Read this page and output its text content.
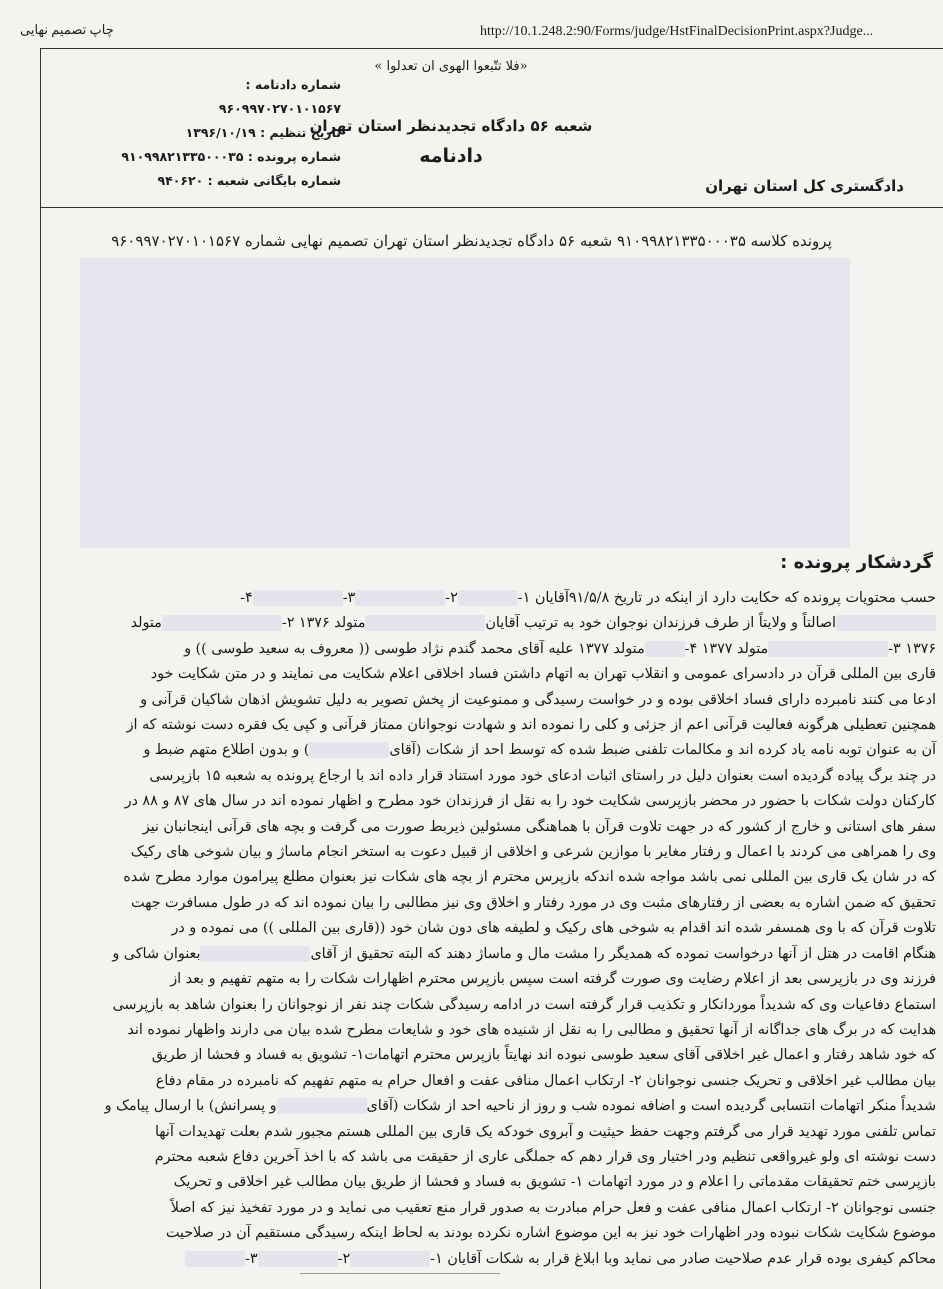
چاپ تصمیم نهایی	http://10.1.248.2:90/Forms/judge/HstFinalDecisionPrint.aspx?Judge...
«فلا تتّبعوا الهوی ان تعدلوا »
شعبه ۵۶ دادگاه تجدیدنظر استان تهران
دادنامه
دادگستری کل استان تهران
شماره دادنامه : ۹۶۰۹۹۷۰۲۷۰۱۰۱۵۶۷
تاریخ تنظیم : ۱۳۹۶/۱۰/۱۹
شماره پرونده : ۹۱۰۹۹۸۲۱۳۳۵۰۰۰۳۵
شماره بایگانی شعبه : ۹۴۰۶۲۰
پرونده کلاسه ۹۱۰۹۹۸۲۱۳۳۵۰۰۰۳۵ شعبه ۵۶ دادگاه تجدیدنظر استان تهران تصمیم نهایی شماره ۹۶۰۹۹۷۰۲۷۰۱۰۱۵۶۷
گردشکار پرونده :

حسب محتویات پرونده که حکایت دارد از اینکه در تاریخ ۹۱/۵/۸آقایان ۱-۲-۳-۴-

اصالتاً و ولایتاً از طرف فرزندان نوجوان خود به ترتیب آقایانمتولد ۱۳۷۶ ۲-متولد

۱۳۷۶ ۳-متولد ۱۳۷۷ ۴-متولد ۱۳۷۷ علیه آقای محمد گندم نژاد طوسی (( معروف به سعید طوسی )) و

قاری بین المللی قرآن در دادسرای عمومی و انقلاب تهران به اتهام داشتن فساد اخلاقی اعلام شکایت می نمایند و در متن شکایت خود

ادعا می کنند نامبرده دارای فساد اخلاقی بوده و در خواست رسیدگی و ممنوعیت از پخش تصویر به دلیل تشویش اذهان شاکیان قرآنی و

همچنین تعطیلی هرگونه فعالیت قرآنی اعم از جزئی و کلی را نموده اند و شهادت نوجوانان ممتاز قرآنی و کپی یک فقره دست نوشته که از

آن به عنوان توبه نامه یاد کرده اند و مکالمات تلفنی ضبط شده که توسط احد از شکات (آقای) و بدون اطلاع متهم ضبط و

در چند برگ پیاده گردیده است بعنوان دلیل در راستای اثبات ادعای خود مورد استناد قرار داده اند با ارجاع پرونده به شعبه ۱۵ بازپرسی

کارکنان دولت شکات با حضور در محضر بازپرسی شکایت خود را به نقل از فرزندان خود مطرح و اظهار نموده اند در سال های ۸۷ و ۸۸ در

سفر های استانی و خارج از کشور که در جهت تلاوت قرآن با هماهنگی مسئولین ذیربط صورت می گرفت و بچه های قرآنی اینجانبان نیز

وی را همراهی می کردند با اعمال و رفتار مغایر با موازین شرعی و اخلاقی از قبیل دعوت به استخر انجام ماساژ و بیان شوخی های رکیک

که در شان یک قاری بین المللی نمی باشد مواجه شده اندکه بازپرس محترم از بچه های شکات نیز بعنوان مطلع پیرامون موارد مطرح شده

تحقیق که ضمن اشاره به بعضی از رفتارهای مثبت وی در مورد رفتار و اخلاق وی نیز مطالبی را بیان نموده اند که در طول مسافرت جهت

تلاوت قرآن که با وی همسفر شده اند اقدام به شوخی های رکیک و لطیفه های دون شان خود ((قاری بین المللی )) می نموده و در

هنگام اقامت در هتل از آنها درخواست نموده که همدیگر را مشت مال و ماساژ دهند که البته تحقیق از آقایبعنوان شاکی و

فرزند وی در بازپرسی بعد از اعلام رضایت وی صورت گرفته است سپس بازپرس محترم اظهارات شکات را به متهم تفهیم و بعد از

استماع دفاعیات وی که شدیداً موردانکار و تکذیب قرار گرفته است در ادامه رسیدگی شکات چند نفر از نوجوانان را بعنوان شاهد به بازپرسی

هدایت که در برگ های جداگانه از آنها تحقیق و مطالبی را به نقل از شنیده های خود و شایعات مطرح شده بیان می دارند واظهار نموده اند

که خود شاهد رفتار و اعمال غیر اخلاقی آقای سعید طوسی نبوده اند نهایتاً بازپرس محترم اتهامات۱- تشویق به فساد و فحشا از طریق

بیان مطالب غیر اخلاقی و تحریک جنسی نوجوانان ۲- ارتکاب اعمال منافی عفت و افعال حرام به متهم تفهیم که نامبرده در مقام دفاع

شدیداً منکر اتهامات انتسابی گردیده است و اضافه نموده شب و روز از ناحیه احد از شکات (آقایو پسرانش) با ارسال پیامک و

تماس تلفنی مورد تهدید قرار می گرفتم وجهت حفظ حیثیت و آبروی خودکه یک قاری بین المللی هستم مجبور شدم بعلت تهدیدات آنها

دست نوشته ای ولو غیرواقعی تنظیم ودر اختیار وی قرار دهم که جملگی عاری از حقیقت می باشد که با اخذ آخرین دفاع شعبه محترم

بازپرسی ختم تحقیقات مقدماتی را اعلام و در مورد اتهامات ۱- تشویق به فساد و فحشا از طریق بیان مطالب غیر اخلاقی و تحریک

جنسی نوجوانان ۲- ارتکاب اعمال منافی عفت و فعل حرام مبادرت به صدور قرار منع تعقیب می نماید و در مورد تفخیذ نیز که اصلاً

موضوع شکایت شکات نبوده ودر اظهارات خود نیز به این موضوع اشاره نکرده بودند به لحاظ اینکه رسیدگی مستقیم آن در صلاحیت

محاکم کیفری بوده قرار عدم صلاحیت صادر می نماید وبا ابلاغ قرار به شکات آقایان ۱-۲-۳-
